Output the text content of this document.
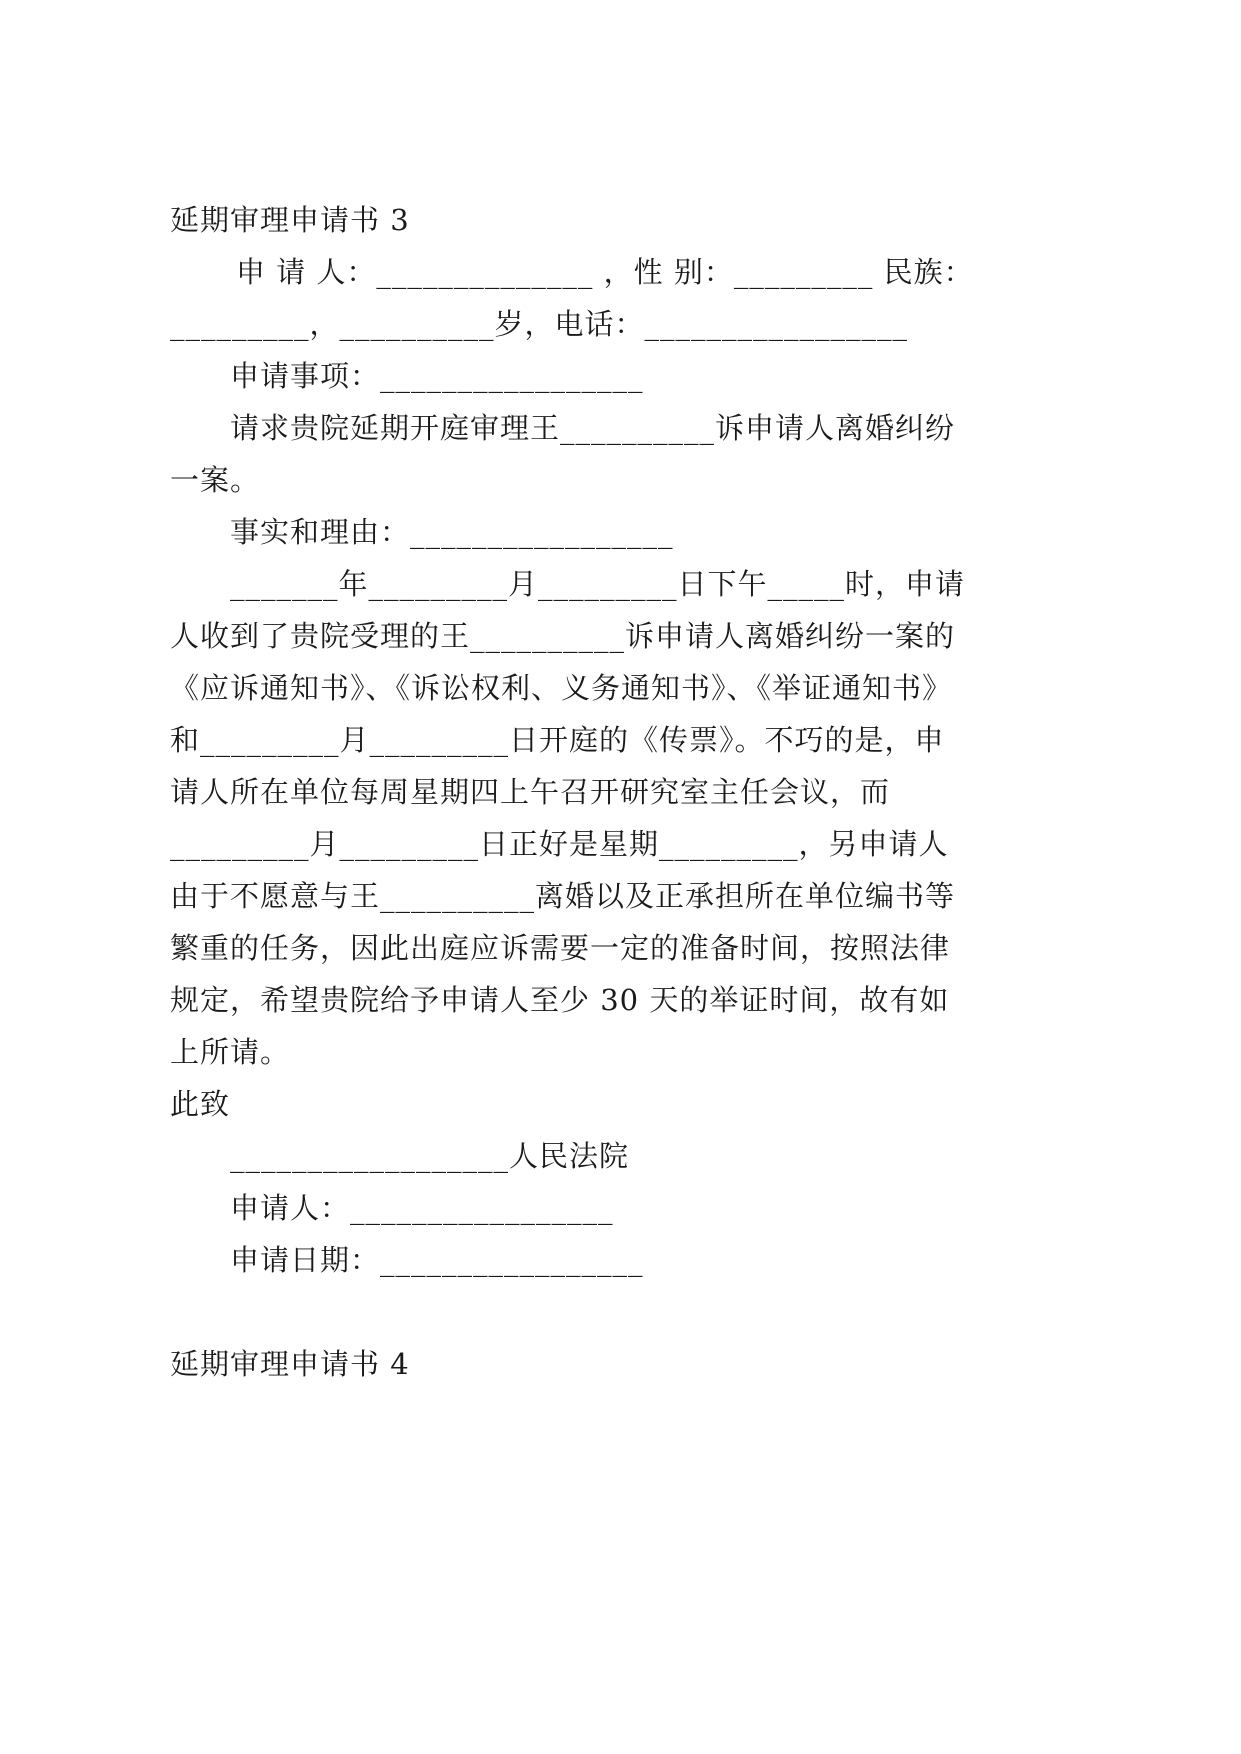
延期审理申请书 3
申 请 人：______________ ，性 别：_________ 民族：
_________，__________岁，电话：_________________
申请事项：_________________
请求贵院延期开庭审理王__________诉申请人离婚纠纷
一案。
事实和理由：_________________
_______年_________月_________日下午_____时，申请
人收到了贵院受理的王__________诉申请人离婚纠纷一案的
《应诉通知书》、《诉讼权利、义务通知书》、《举证通知书》
和_________月_________日开庭的《传票》。不巧的是，申
请人所在单位每周星期四上午召开研究室主任会议，而
_________月_________日正好是星期_________，另申请人
由于不愿意与王__________离婚以及正承担所在单位编书等
繁重的任务，因此出庭应诉需要一定的准备时间，按照法律
规定，希望贵院给予申请人至少 30 天的举证时间，故有如
上所请。
此致
__________________人民法院
申请人：_________________
申请日期：_________________
延期审理申请书 4
